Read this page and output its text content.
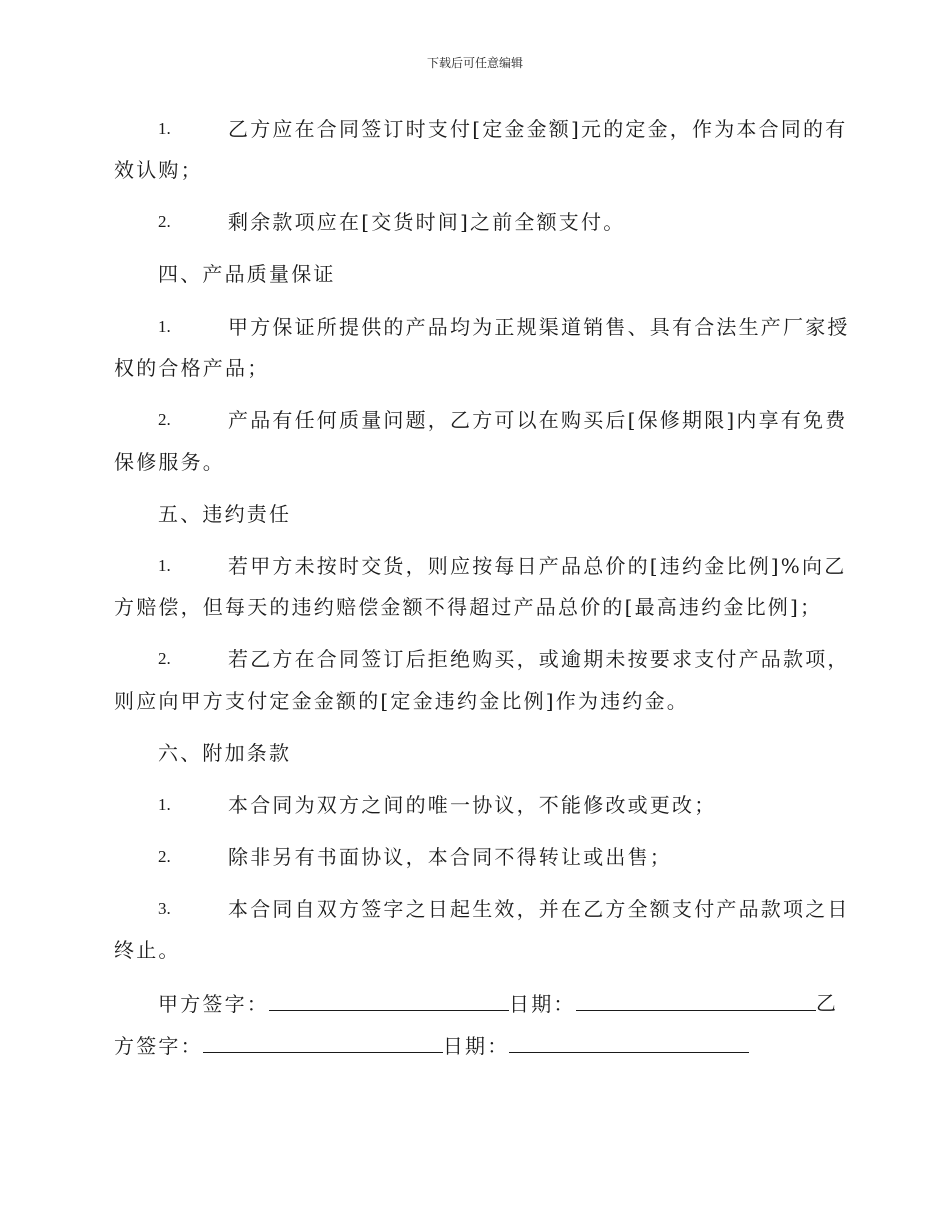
下载后可任意编辑
1.	乙方应在合同签订时支付[定金金额]元的定金，作为本合同的有
效认购；
2.	剩余款项应在[交货时间]之前全额支付。
四、产品质量保证
1.	甲方保证所提供的产品均为正规渠道销售、具有合法生产厂家授
权的合格产品；
2.	产品有任何质量问题，乙方可以在购买后[保修期限]内享有免费
保修服务。
五、违约责任
1.	若甲方未按时交货，则应按每日产品总价的[违约金比例]%向乙
方赔偿，但每天的违约赔偿金额不得超过产品总价的[最高违约金比例]；
2.	若乙方在合同签订后拒绝购买，或逾期未按要求支付产品款项，
则应向甲方支付定金金额的[定金违约金比例]作为违约金。
六、附加条款
1.	本合同为双方之间的唯一协议，不能修改或更改；
2.	除非另有书面协议，本合同不得转让或出售；
3.	本合同自双方签字之日起生效，并在乙方全额支付产品款项之日
终止。
甲方签字：	日期：	乙
方签字：	日期：
